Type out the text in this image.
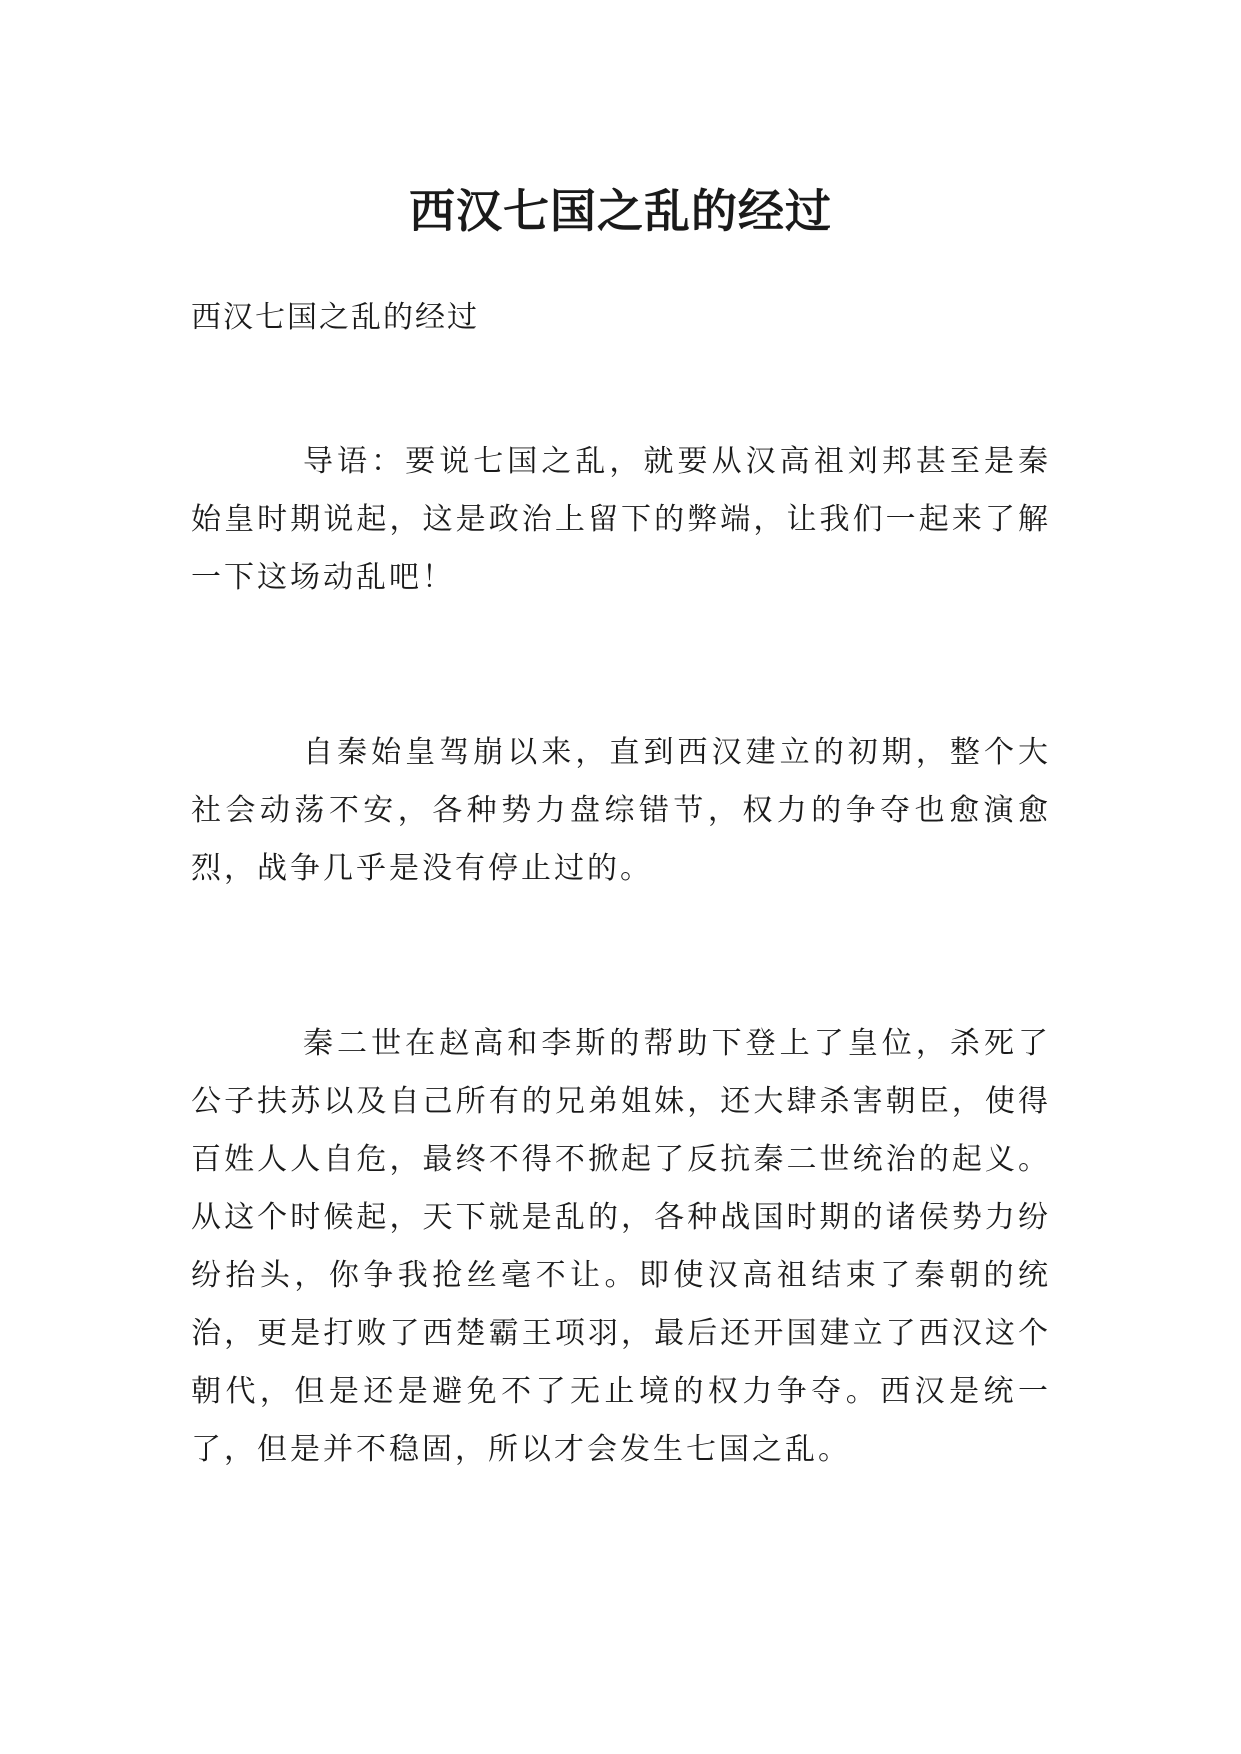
西汉七国之乱的经过
西汉七国之乱的经过

导语：要说七国之乱，就要从汉高祖刘邦甚至是秦始皇时期说起，这是政治上留下的弊端，让我们一起来了解一下这场动乱吧！

自秦始皇驾崩以来，直到西汉建立的初期，整个大社会动荡不安，各种势力盘综错节，权力的争夺也愈演愈烈，战争几乎是没有停止过的。

秦二世在赵高和李斯的帮助下登上了皇位，杀死了公子扶苏以及自己所有的兄弟姐妹，还大肆杀害朝臣，使得百姓人人自危，最终不得不掀起了反抗秦二世统治的起义。从这个时候起，天下就是乱的，各种战国时期的诸侯势力纷纷抬头，你争我抢丝毫不让。即使汉高祖结束了秦朝的统治，更是打败了西楚霸王项羽，最后还开国建立了西汉这个朝代，但是还是避免不了无止境的权力争夺。西汉是统一了，但是并不稳固，所以才会发生七国之乱。
